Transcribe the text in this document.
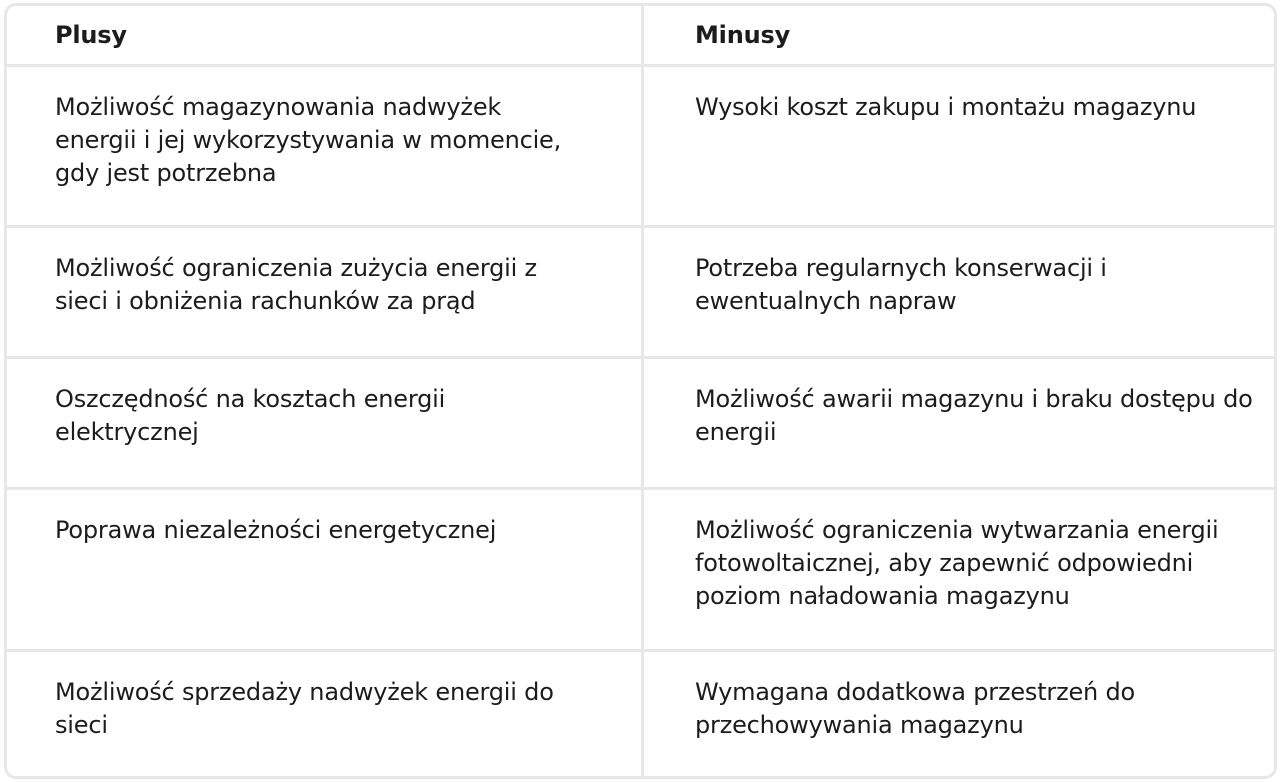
Plusy	Minusy
Możliwość magazynowania nadwyżek energii i jej wykorzystywania w momencie, gdy jest potrzebna
Wysoki koszt zakupu i montażu magazynu
Możliwość ograniczenia zużycia energii z sieci i obniżenia rachunków za prąd
Potrzeba regularnych konserwacji i ewentualnych napraw
Oszczędność na kosztach energii elektrycznej
Możliwość awarii magazynu i braku dostępu do energii
Poprawa niezależności energetycznej	Możliwość ograniczenia wytwarzania energii fotowoltaicznej, aby zapewnić odpowiedni poziom naładowania magazynu
Możliwość sprzedaży nadwyżek energii do sieci
Wymagana dodatkowa przestrzeń do przechowywania magazynu
